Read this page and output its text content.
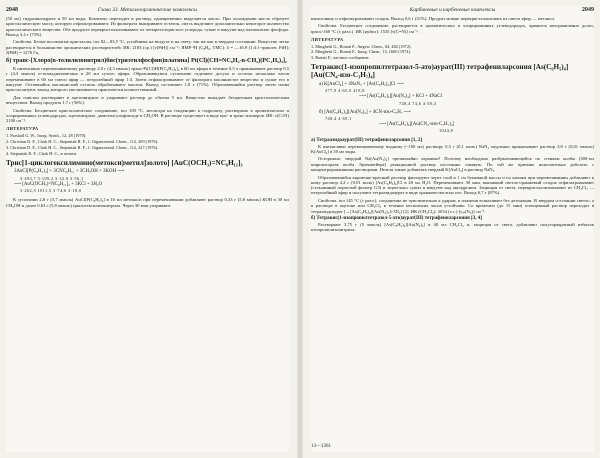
2048	Глава 33. Металлоорганические комплексы

(50 мл) гидразингидрата и 50 мл воды. Комплекс переходит в раствор, одновременно выделяется масло. При охлаждении масло образует кристаллическую массу, которую отфильтровывают. Из фильтрата выпаривают остаток, смесь выделяют дополнительно некоторое количество кристаллического вещества. Оба продукта перекристаллизовывают из четыреххлористого углерода, сушат в вакууме над пятиокисью фосфора. Выход 3,4 г (73%).

Свойства. Белые игольчатые кристаллы, tпл 82—83,5 °С, устойчивы на воздухе и на свету, так же как в твердом состоянии. Вещество легко растворяется в большинстве органических растворителей. ИК: 2183 (ср.) [ν(PtH)] см⁻¹; ЯМР-¹H (C₆H₆, TMC): δ = —16,9 [1:4:1-триплет, PtH]; J(PtH) = 1276 Гц.

б) транс-[Хлоро(n-толилизонитрил)бис(триэтилфосфин)платина] Pt(Cl)(CH=NC₆H₄-n-CH₃)(PC₂H₅)₃]₂

К интенсивно перемешиваемому раствору 2,0 г (4,3 ммоль) транс-Pt(Cl)H[P(C₂H₅)₃]₂ в 60 мл эфира в течение 0,5 ч прикапывают раствор 0,5 г (4,3 ммоль) n-толилдиазометана в 20 мл сухого эфира. Образовавшуюся суспензию отделяют досуха и остаток несколько часов перемешивают в 60 мл смеси эфир — петролейный эфир 1:3. Затем отфильтровывают от фильтрата маслянистое вещество и сушат его в вакууме. Оставшийся маслянистый остаток обрабатывают маслом. Выход составляет 1,8 г (71%). Образовавшийся раствор затем снова кристаллизуют, выход которого увеличивается практически количественный.

Для очистки растворяют в ацетонитриле и упаривают раствор до объема 5 мл. Вещество выпадает бесцветным кристаллическим веществом. Выход продукта 1,7 г (56%).

Свойства. Бесцветное кристаллическое соединение, tпл 100 °С, несмотря на тенденцию к гидролизу, растворимо в ароматических и хлорированных углеводородах, ацетонитриле, диметилсульфоксиде и CH₂OH. В растворе существует в виде цис- и транс-изомеров. ИК: ν(C≡N) 2190 см⁻¹.

ЛИТЕРАТУРА

1. Parshall G. W., Inorg. Synth., 12, 28 (1970).

2. Christian D. F., Clark H. C., Stepaniak R. F., J. Organometal. Chem., 112, 209 (1976).

3. Christian D. F., Clark H. C., Stepaniak R. F., J. Organometal. Chem., 112, 227 (1976).

4. Stepaniak R. F., Clark H. C., в печати.

Трис[1-циклогексилимино(метокси)метил]золото] [AuC(OCH₃)=NC₆H₁₁]₃
3AuCl[P(C₆H₅)₃] + 3CNC₆H₁₁ + 3CH₃OH + 3KOH ⟶
3·494,7 3·109,2 3·32,0 3·56,1
⟶ [AuC(OCH₃)=NC₆H₁₁]₃ + 3KCl + 3H₂O
3·262,3 1011,5 3·74,6 3·18,0

К суспензии 2,8 г (5,7 ммоль) AuCl[P(C₆H₅)₃] в 10 мл метанола при перемешивании добавляют раствор 0,33 г (5,8 ммоль) КОН в 30 мл CH₃OH и далее 0,63 г (5,8 ммоль) циклогексилизонитрила. Через 30 мин упаривают

Карбиновые и карбеновые комплексы	2049

наполовину и отфильтровывают осадок. Выход 0,6 г (31%). Продукт можно перекристаллизовать из смеси эфир — метанол.

Свойства. Бесцветное соединение, растворяется в ароматических и хлорированных углеводородах, хранится неограниченно долго, tразл>160 °С (с разл.). ИК (нуйол): 1535 [ν(C=N)] см⁻¹.

ЛИТЕРАТУРА

1. Minghetti G., Bonati F., Angew. Chem., 84, 482 (1972).

2. Minghetti G., Bonati F., Inorg. Chem., 13, 1600 (1974).

3. Bonati F., частное сообщение.

Тетракис(1-изопропилтетразол-5-ато)аурат(III) тетрафениларсония [As(C₆H₅)₄][Au(CN₄-изо-C₃H₇)₄]
а) K[AuCl₄] + 4NaN₃ + [As(C₆H₅)₄]Cl ⟶
377,9 4·65,0 418,8
⟶ [As(C₆H₅)₄][Au(N₃)₄] + KCl + 4NaCl
748,4 74,6 4·58,4
б) [As(C₆H₅)₄][Au(N₃)₄] + 4CN-изо-C₃H₇ ⟶
748,4 4·69,1
⟶ [As(C₆H₅)₄][Au(CN₄-изо-C₃H₇)₄]
1024,8
а) Тетраазидоаурат(III) тетрафениларсония [1, 2]

К интенсивно перемешиваемому водному (~100 мл) раствору 0,5 г (0,1 моль) NaN₃ медленно прикапывают раствор 3,8 г (0,01 ммоль) K[AuCl₄] в 50 мл воды.

Осторожно: твердый Na[Au(N₃)₄] чрезвычайно взрывчат! Поэтому необходимо разбрызгивающейся по стенкам колбы (300-мл широкогорлая колба Эрленмейера) реакционной раствор постоянно смывать. По той же причине нежелательно работать с концентрированными растворами. Нельзя также добавлять твердый K[AuCl₄] в раствор NaN₃.

Образовавшийся кирпично-красный раствор фильтруют через слой в 1 см бумажной массы и по каплям при перемешивании добавляют к нему раствор 4,2 г (0,01 моль) [As(C₆H₅)₄]Cl в 20 мл H₂O. Перемешивают 30 мин, выпавший светло-оранжевый осадок отфильтровывают (стеклянный пористый фильтр G3) и тщательно сушат в вакууме над ангидроном. Защищая от света, перекристаллизовывают из CH₂Cl₂ — петролейный эфир и получают тетраазидоаурат в виде оранжево-желтых игл. Выход 6,7 г (87%).

Свойства. tпл 145 °С (с разл.), соединение не чувствительно к ударам, в пламени вспыхивает без детонации. В твердом состоянии светло, а в растворе в ацетоне или CH₂Cl₂ в течение нескольких часов устойчиво. Со временем (до 15 мин) освещенный раствор переходит в тетраазидоаурат [→[As(C₆H₅)₄][Au(N₃)₂]+3N₂] [2]. ИК (CH₂Cl₂): 2034 (v.с.) [νₐₛ(N₃)] см⁻¹.

б) Тетракис(1-изопропилтетразол-5-ато)аурат(III) тетрафениларсония [3, 4]

Растворяют 3,75 г (5 ммоль) [As(C₆H₅)₄][Au(N₃)₄] в 40 мл CH₂Cl₂ и, защищая от света, добавляют полуторакратный избыток изопропилизонитрила.

13—1361
